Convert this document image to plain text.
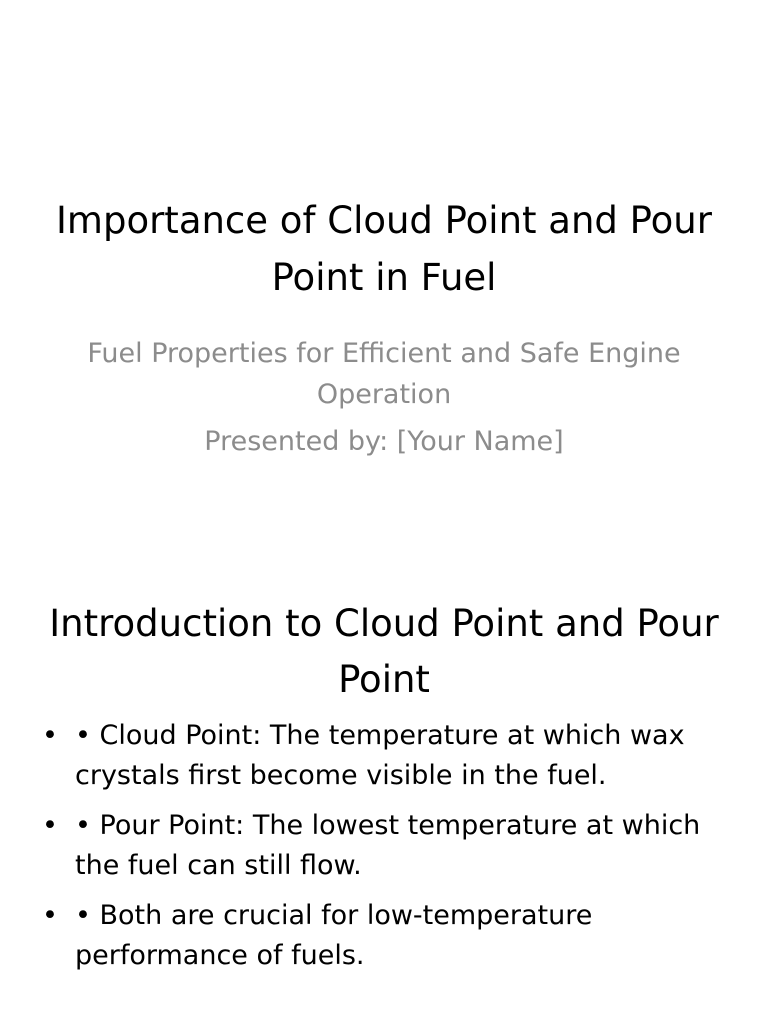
Importance of Cloud Point and Pour Point in Fuel

Fuel Properties for Efficient and Safe Engine Operation

Presented by: [Your Name]

Introduction to Cloud Point and Pour Point
• • Cloud Point: The temperature at which wax crystals first become visible in the fuel.
• • Pour Point: The lowest temperature at which the fuel can still flow.
• • Both are crucial for low-temperature performance of fuels.
